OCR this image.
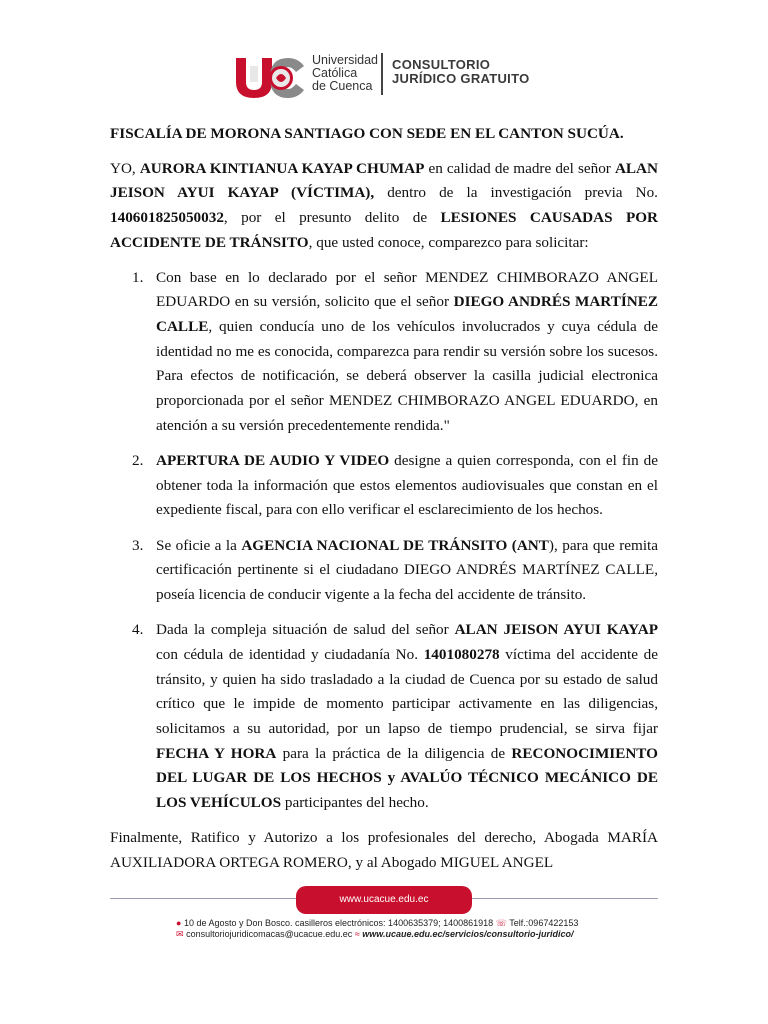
Universidad
Católica
de Cuenca
CONSULTORIO
JURÍDICO GRATUITO

FISCALÍA DE MORONA SANTIAGO CON SEDE EN EL CANTON SUCÚA.

YO, AURORA KINTIANUA KAYAP CHUMAP en calidad de madre del señor ALAN JEISON AYUI KAYAP (VÍCTIMA), dentro de la investigación previa No. 140601825050032, por el presunto delito de LESIONES CAUSADAS POR ACCIDENTE DE TRÁNSITO, que usted conoce, comparezco para solicitar:

1. Con base en lo declarado por el señor MENDEZ CHIMBORAZO ANGEL EDUARDO en su versión, solicito que el señor DIEGO ANDRÉS MARTÍNEZ CALLE, quien conducía uno de los vehículos involucrados y cuya cédula de identidad no me es conocida, comparezca para rendir su versión sobre los sucesos. Para efectos de notificación, se deberá observer la casilla judicial electronica proporcionada por el señor MENDEZ CHIMBORAZO ANGEL EDUARDO, en atención a su versión precedentemente rendida."
2. APERTURA DE AUDIO Y VIDEO designe a quien corresponda, con el fin de obtener toda la información que estos elementos audiovisuales que constan en el expediente fiscal, para con ello verificar el esclarecimiento de los hechos.
3. Se oficie a la AGENCIA NACIONAL DE TRÁNSITO (ANT), para que remita certificación pertinente si el ciudadano DIEGO ANDRÉS MARTÍNEZ CALLE, poseía licencia de conducir vigente a la fecha del accidente de tránsito.
4. Dada la compleja situación de salud del señor ALAN JEISON AYUI KAYAP con cédula de identidad y ciudadanía No. 1401080278 víctima del accidente de tránsito, y quien ha sido trasladado a la ciudad de Cuenca por su estado de salud crítico que le impide de momento participar activamente en las diligencias, solicitamos a su autoridad, por un lapso de tiempo prudencial, se sirva fijar FECHA Y HORA para la práctica de la diligencia de RECONOCIMIENTO DEL LUGAR DE LOS HECHOS y AVALÚO TÉCNICO MECÁNICO DE LOS VEHÍCULOS participantes del hecho.

Finalmente, Ratifico y Autorizo a los profesionales del derecho, Abogada MARÍA AUXILIADORA ORTEGA ROMERO, y al Abogado MIGUEL ANGEL

www.ucacue.edu.ec
● 10 de Agosto y Don Bosco. casilleros electrónicos: 1400635379; 1400861918 ☏ Telf.:0967422153
✉ consultoriojuridicomacas@ucacue.edu.ec ≈ www.ucaue.edu.ec/servicios/consultorio-juridico/
